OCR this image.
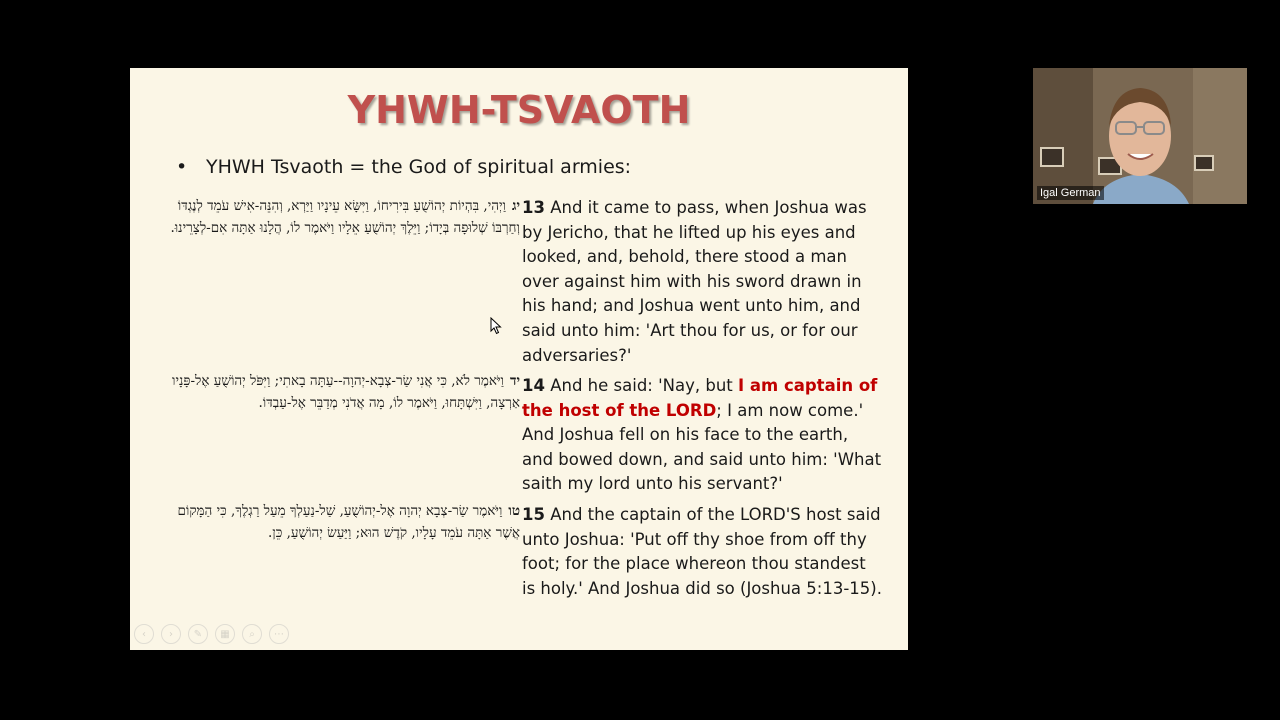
YHWH-TSVAOTH
• YHWH Tsvaoth = the God of spiritual armies:
יגוַיְהִי, בִּהְיוֹת יְהוֹשֻׁעַ בִּירִיחוֹ, וַיִּשָּׂא עֵינָיו וַיַּרְא, וְהִנֵּה-אִישׁ עֹמֵד לְנֶגְדּוֹ וְחַרְבּוֹ שְׁלוּפָה בְּיָדוֹ; וַיֵּלֶךְ יְהוֹשֻׁעַ אֵלָיו וַיֹּאמֶר לוֹ, הֲלָנוּ אַתָּה אִם-לְצָרֵינוּ.
13 And it came to pass, when Joshua was by Jericho, that he lifted up his eyes and looked, and, behold, there stood a man over against him with his sword drawn in his hand; and Joshua went unto him, and said unto him: 'Art thou for us, or for our adversaries?'
ידוַיֹּאמֶר לֹא, כִּי אֲנִי שַׂר-צְבָא-יְהוָה--עַתָּה בָאתִי; וַיִּפֹּל יְהוֹשֻׁעַ אֶל-פָּנָיו אַרְצָה, וַיִּשְׁתָּחוּ, וַיֹּאמֶר לוֹ, מָה אֲדֹנִי מְדַבֵּר אֶל-עַבְדּוֹ.
14 And he said: 'Nay, but I am captain of the host of the LORD; I am now come.' And Joshua fell on his face to the earth, and bowed down, and said unto him: 'What saith my lord unto his servant?'
טווַיֹּאמֶר שַׂר-צְבָא יְהוָה אֶל-יְהוֹשֻׁעַ, שַׁל-נַעַלְךָ מֵעַל רַגְלֶךָ, כִּי הַמָּקוֹם אֲשֶׁר אַתָּה עֹמֵד עָלָיו, קֹדֶשׁ הוּא; וַיַּעַשׂ יְהוֹשֻׁעַ, כֵּן.
15 And the captain of the LORD'S host said unto Joshua: 'Put off thy shoe from off thy foot; for the place whereon thou standest is holy.' And Joshua did so (Joshua 5:13-15).
‹ › ✎ ▦ ⌕ ⋯
Igal German
